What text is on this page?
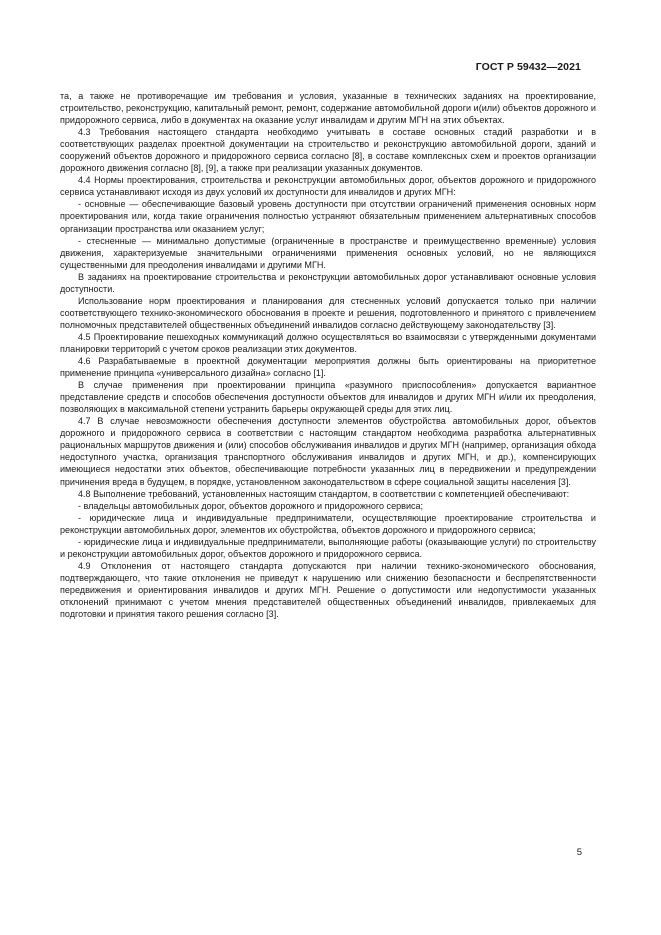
ГОСТ Р 59432—2021

та, а также не противоречащие им требования и условия, указанные в технических заданиях на проектирование, строительство, реконструкцию, капитальный ремонт, ремонт, содержание автомобильной дороги и(или) объектов дорожного и придорожного сервиса, либо в документах на оказание услуг инвалидам и другим МГН на этих объектах.

4.3 Требования настоящего стандарта необходимо учитывать в составе основных стадий разработки и в соответствующих разделах проектной документации на строительство и реконструкцию автомобильной дороги, зданий и сооружений объектов дорожного и придорожного сервиса согласно [8], в составе комплексных схем и проектов организации дорожного движения согласно [8], [9], а также при реализации указанных документов.

4.4 Нормы проектирования, строительства и реконструкции автомобильных дорог, объектов дорожного и придорожного сервиса устанавливают исходя из двух условий их доступности для инвалидов и других МГН:

- основные — обеспечивающие базовый уровень доступности при отсутствии ограничений применения основных норм проектирования или, когда такие ограничения полностью устраняют обязательным применением альтернативных способов организации пространства или оказанием услуг;

- стесненные — минимально допустимые (ограниченные в пространстве и преимущественно временные) условия движения, характеризуемые значительными ограничениями применения основных условий, но не являющихся существенными для преодоления инвалидами и другими МГН.

В заданиях на проектирование строительства и реконструкции автомобильных дорог устанавливают основные условия доступности.

Использование норм проектирования и планирования для стесненных условий допускается только при наличии соответствующего технико-экономического обоснования в проекте и решения, подготовленного и принятого с привлечением полномочных представителей общественных объединений инвалидов согласно действующему законодательству [3].

4.5 Проектирование пешеходных коммуникаций должно осуществляться во взаимосвязи с утвержденными документами планировки территорий с учетом сроков реализации этих документов.

4.6 Разрабатываемые в проектной документации мероприятия должны быть ориентированы на приоритетное применение принципа «универсального дизайна» согласно [1].

В случае применения при проектировании принципа «разумного приспособления» допускается вариантное представление средств и способов обеспечения доступности объектов для инвалидов и других МГН и/или их преодоления, позволяющих в максимальной степени устранить барьеры окружающей среды для этих лиц.

4.7 В случае невозможности обеспечения доступности элементов обустройства автомобильных дорог, объектов дорожного и придорожного сервиса в соответствии с настоящим стандартом необходима разработка альтернативных рациональных маршрутов движения и (или) способов обслуживания инвалидов и других МГН (например, организация обхода недоступного участка, организация транспортного обслуживания инвалидов и других МГН, и др.), компенсирующих имеющиеся недостатки этих объектов, обеспечивающие потребности указанных лиц в передвижении и предупреждении причинения вреда в будущем, в порядке, установленном законодательством в сфере социальной защиты населения [3].

4.8 Выполнение требований, установленных настоящим стандартом, в соответствии с компетенцией обеспечивают:

- владельцы автомобильных дорог, объектов дорожного и придорожного сервиса;

- юридические лица и индивидуальные предприниматели, осуществляющие проектирование строительства и реконструкции автомобильных дорог, элементов их обустройства, объектов дорожного и придорожного сервиса;

- юридические лица и индивидуальные предприниматели, выполняющие работы (оказывающие услуги) по строительству и реконструкции автомобильных дорог, объектов дорожного и придорожного сервиса.

4.9 Отклонения от настоящего стандарта допускаются при наличии технико-экономического обоснования, подтверждающего, что такие отклонения не приведут к нарушению или снижению безопасности и беспрепятственности передвижения и ориентирования инвалидов и других МГН. Решение о допустимости или недопустимости указанных отклонений принимают с учетом мнения представителей общественных объединений инвалидов, привлекаемых для подготовки и принятия такого решения согласно [3].

5
